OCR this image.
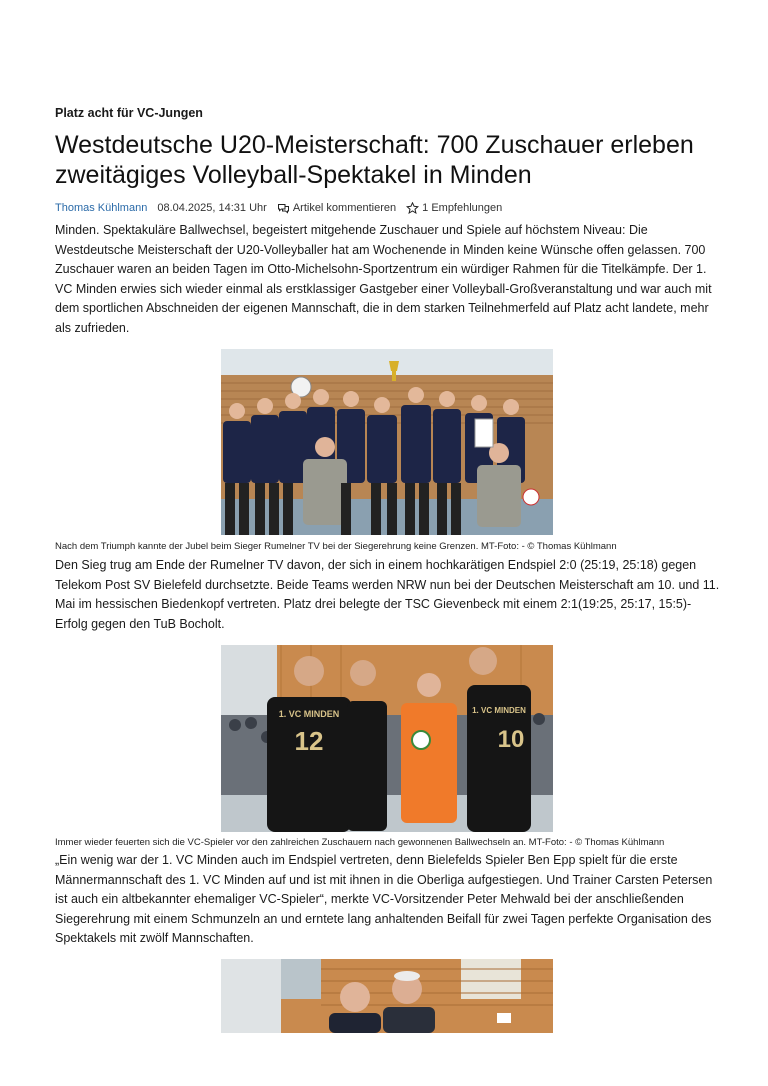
Platz acht für VC-Jungen
Westdeutsche U20-Meisterschaft: 700 Zuschauer erleben zweitägiges Volleyball-Spektakel in Minden
Thomas Kühlmann 08.04.2025, 14:31 Uhr Artikel kommentieren 1 Empfehlungen

Minden. Spektakuläre Ballwechsel, begeistert mitgehende Zuschauer und Spiele auf höchstem Niveau: Die Westdeutsche Meisterschaft der U20-Volleyballer hat am Wochenende in Minden keine Wünsche offen gelassen. 700 Zuschauer waren an beiden Tagen im Otto-Michelsohn-Sportzentrum ein würdiger Rahmen für die Titelkämpfe. Der 1. VC Minden erwies sich wieder einmal als erstklassiger Gastgeber einer Volleyball-Großveranstaltung und war auch mit dem sportlichen Abschneiden der eigenen Mannschaft, die in dem starken Teilnehmerfeld auf Platz acht landete, mehr als zufrieden.

Nach dem Triumph kannte der Jubel beim Sieger Rumelner TV bei der Siegerehrung keine Grenzen. MT-Foto: - © Thomas Kühlmann

Den Sieg trug am Ende der Rumelner TV davon, der sich in einem hochkarätigen Endspiel 2:0 (25:19, 25:18) gegen Telekom Post SV Bielefeld durchsetzte. Beide Teams werden NRW nun bei der Deutschen Meisterschaft am 10. und 11. Mai im hessischen Biedenkopf vertreten. Platz drei belegte der TSC Gievenbeck mit einem 2:1(19:25, 25:17, 15:5)-Erfolg gegen den TuB Bocholt.

1. VC MINDEN
12
1. VC MINDEN
10
Immer wieder feuerten sich die VC-Spieler vor den zahlreichen Zuschauern nach gewonnenen Ballwechseln an. MT-Foto: - © Thomas Kühlmann

„Ein wenig war der 1. VC Minden auch im Endspiel vertreten, denn Bielefelds Spieler Ben Epp spielt für die erste Männermannschaft des 1. VC Minden auf und ist mit ihnen in die Oberliga aufgestiegen. Und Trainer Carsten Petersen ist auch ein altbekannter ehemaliger VC-Spieler“, merkte VC-Vorsitzender Peter Mehwald bei der anschließenden Siegerehrung mit einem Schmunzeln an und erntete lang anhaltenden Beifall für zwei Tagen perfekte Organisation des Spektakels mit zwölf Mannschaften.
